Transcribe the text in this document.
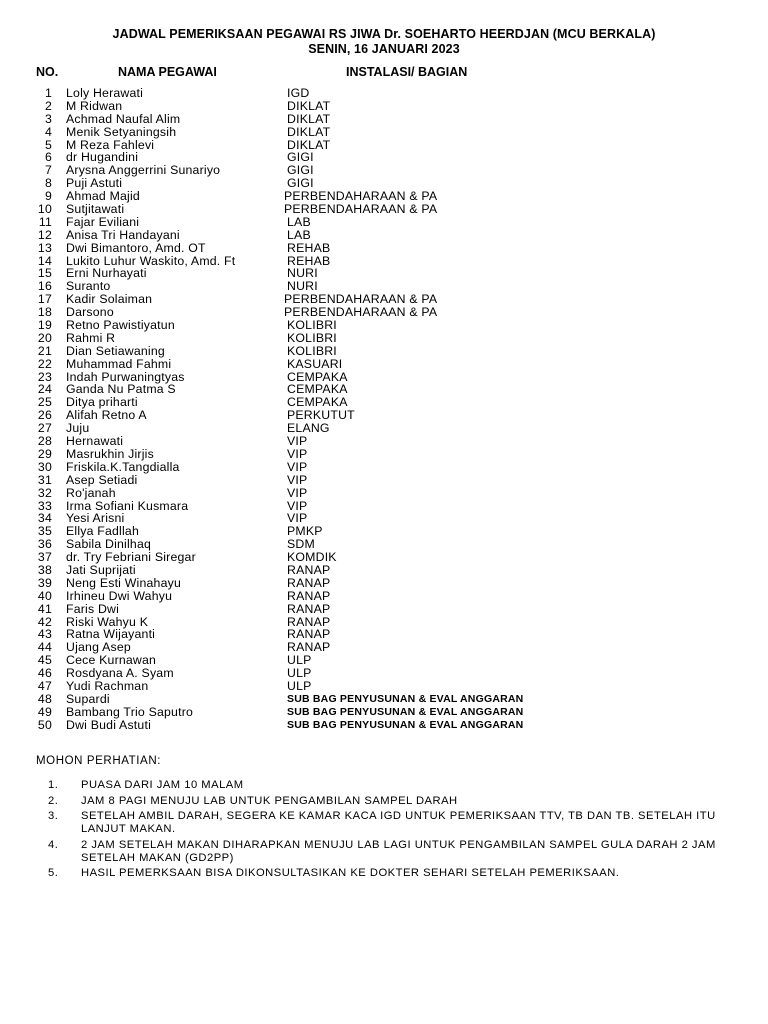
JADWAL PEMERIKSAAN PEGAWAI RS JIWA Dr. SOEHARTO HEERDJAN (MCU BERKALA)
SENIN, 16 JANUARI 2023
NO.	NAMA PEGAWAI	INSTALASI/ BAGIAN
1 Loly Herawati	IGD
2 M Ridwan	DIKLAT
3 Achmad Naufal Alim	DIKLAT
4 Menik Setyaningsih	DIKLAT
5 M Reza Fahlevi	DIKLAT
6 dr Hugandini	GIGI
7 Arysna Anggerrini Sunariyo	GIGI
8 Puji Astuti	GIGI
9 Ahmad Majid	PERBENDAHARAAN & PA
10 Sutjitawati	PERBENDAHARAAN & PA
11 Fajar Eviliani	LAB
12 Anisa Tri Handayani	LAB
13 Dwi Bimantoro, Amd. OT	REHAB
14 Lukito Luhur Waskito, Amd. Ft	REHAB
15 Erni Nurhayati	NURI
16 Suranto	NURI
17 Kadir Solaiman	PERBENDAHARAAN & PA
18 Darsono	PERBENDAHARAAN & PA
19 Retno Pawistiyatun	KOLIBRI
20 Rahmi R	KOLIBRI
21 Dian Setiawaning	KOLIBRI
22 Muhammad Fahmi	KASUARI
23 Indah Purwaningtyas	CEMPAKA
24 Ganda Nu Patma S	CEMPAKA
25 Ditya priharti	CEMPAKA
26 Alifah Retno A	PERKUTUT
27 Juju	ELANG
28 Hernawati	VIP
29 Masrukhin Jirjis	VIP
30 Friskila.K.Tangdialla	VIP
31 Asep Setiadi	VIP
32 Ro'janah	VIP
33 Irma Sofiani Kusmara	VIP
34 Yesi Arisni	VIP
35 Ellya Fadllah	PMKP
36 Sabila Dinilhaq	SDM
37 dr. Try Febriani Siregar	KOMDIK
38 Jati Suprijati	RANAP
39 Neng Esti Winahayu	RANAP
40 Irhineu Dwi Wahyu	RANAP
41 Faris Dwi	RANAP
42 Riski Wahyu K	RANAP
43 Ratna Wijayanti	RANAP
44 Ujang Asep	RANAP
45 Cece Kurnawan	ULP
46 Rosdyana A. Syam	ULP
47 Yudi Rachman	ULP
48 Supardi	SUB BAG PENYUSUNAN & EVAL ANGGARAN
49 Bambang Trio Saputro	SUB BAG PENYUSUNAN & EVAL ANGGARAN
50 Dwi Budi Astuti	SUB BAG PENYUSUNAN & EVAL ANGGARAN
MOHON PERHATIAN:
1. PUASA DARI JAM 10 MALAM
2. JAM 8 PAGI MENUJU LAB UNTUK PENGAMBILAN SAMPEL DARAH
3. SETELAH AMBIL DARAH, SEGERA KE KAMAR KACA IGD UNTUK PEMERIKSAAN TTV, TB DAN TB. SETELAH ITU LANJUT MAKAN.
4. 2 JAM SETELAH MAKAN DIHARAPKAN MENUJU LAB LAGI UNTUK PENGAMBILAN SAMPEL GULA DARAH 2 JAM SETELAH MAKAN (GD2PP)
5. HASIL PEMERKSAAN BISA DIKONSULTASIKAN KE DOKTER SEHARI SETELAH PEMERIKSAAN.
